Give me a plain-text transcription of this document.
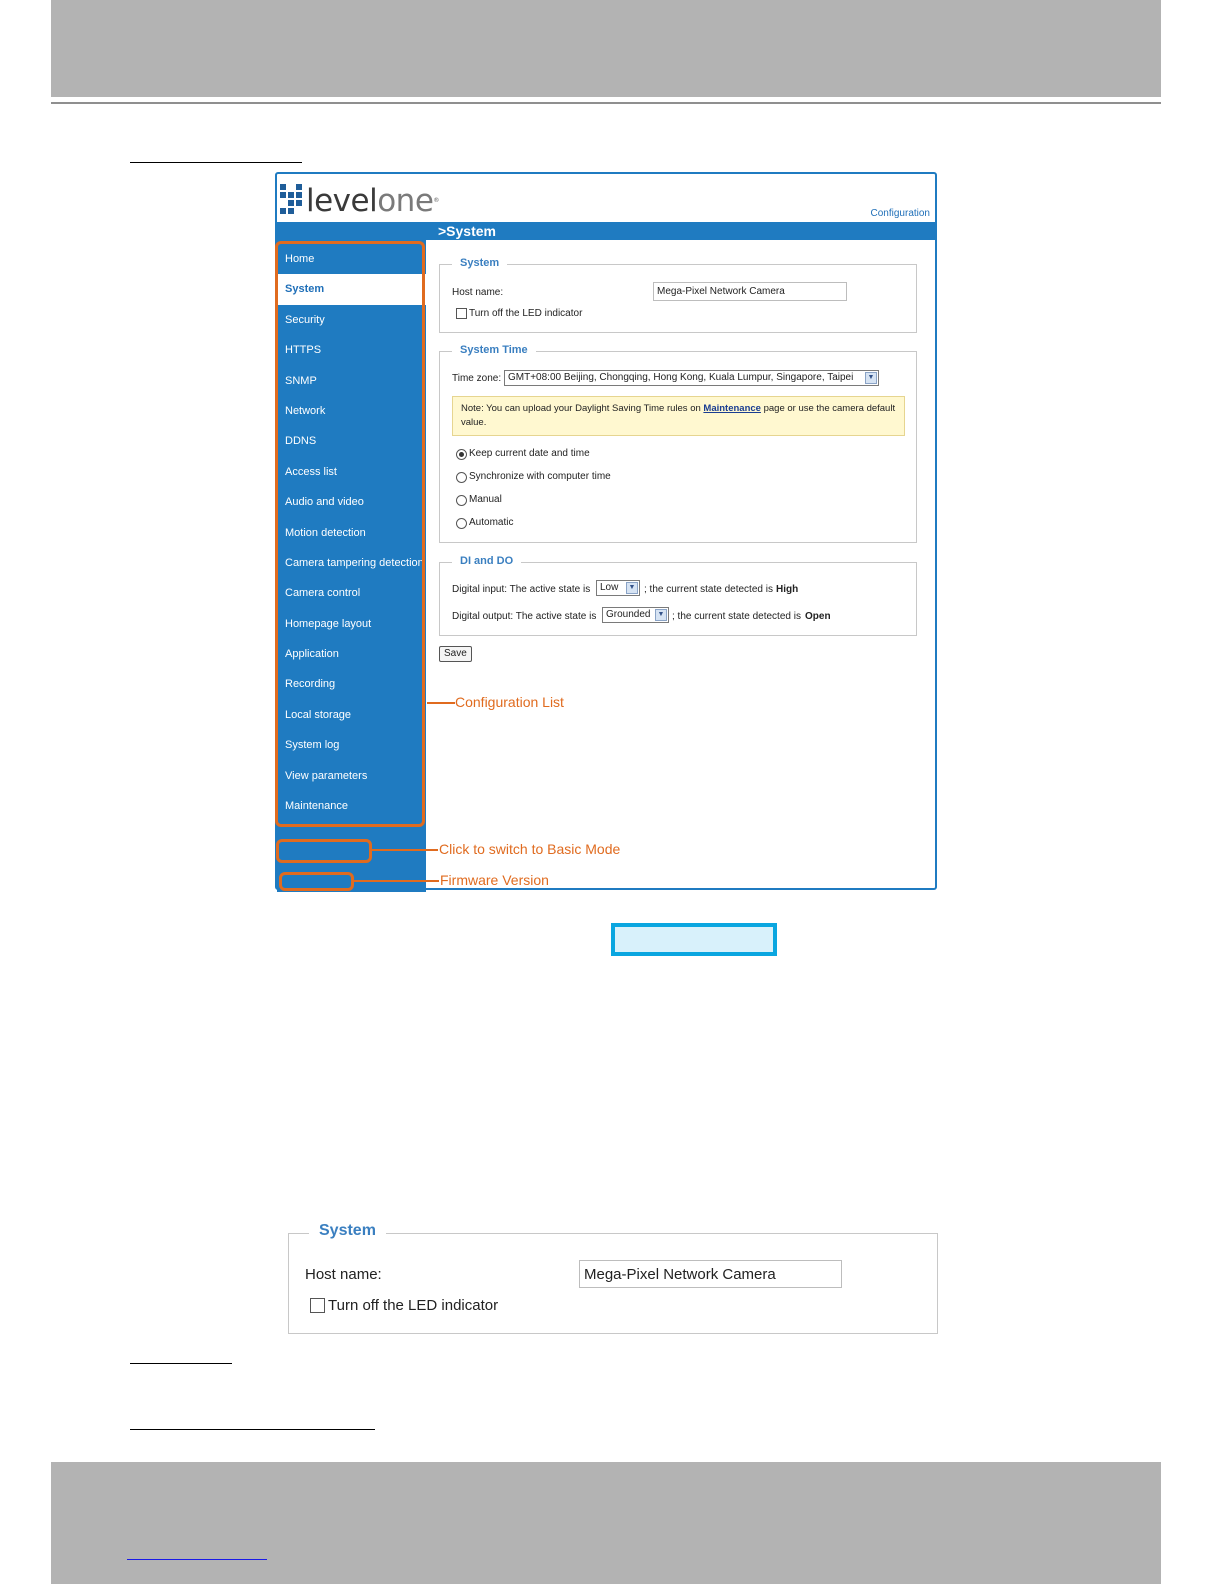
levelone®
Configuration
Home
System
Security
HTTPS
SNMP
Network
DDNS
Access list
Audio and video
Motion detection
Camera tampering detection
Camera control
Homepage layout
Application
Recording
Local storage
System log
View parameters
Maintenance
[ Basic mode ]
Version: 0100g
>System
System
Host name:
Mega-Pixel Network Camera
Turn off the LED indicator
System Time
Time zone: GMT+08:00 Beijing, Chongqing, Hong Kong, Kuala Lumpur, Singapore, Taipei	▼
Note: You can upload your Daylight Saving Time rules on Maintenance page or use the camera default value.
Keep current date and time
Synchronize with computer time
Manual
Automatic
DI and DO
Digital input: The active state is Low	▼ ; the current state detected is High
Digital output: The active state is Grounded	▼ ; the current state detected is Open
Save
Configuration List
Click to switch to Basic Mode
Firmware Version
System
Host name:
Mega-Pixel Network Camera
Turn off the LED indicator
